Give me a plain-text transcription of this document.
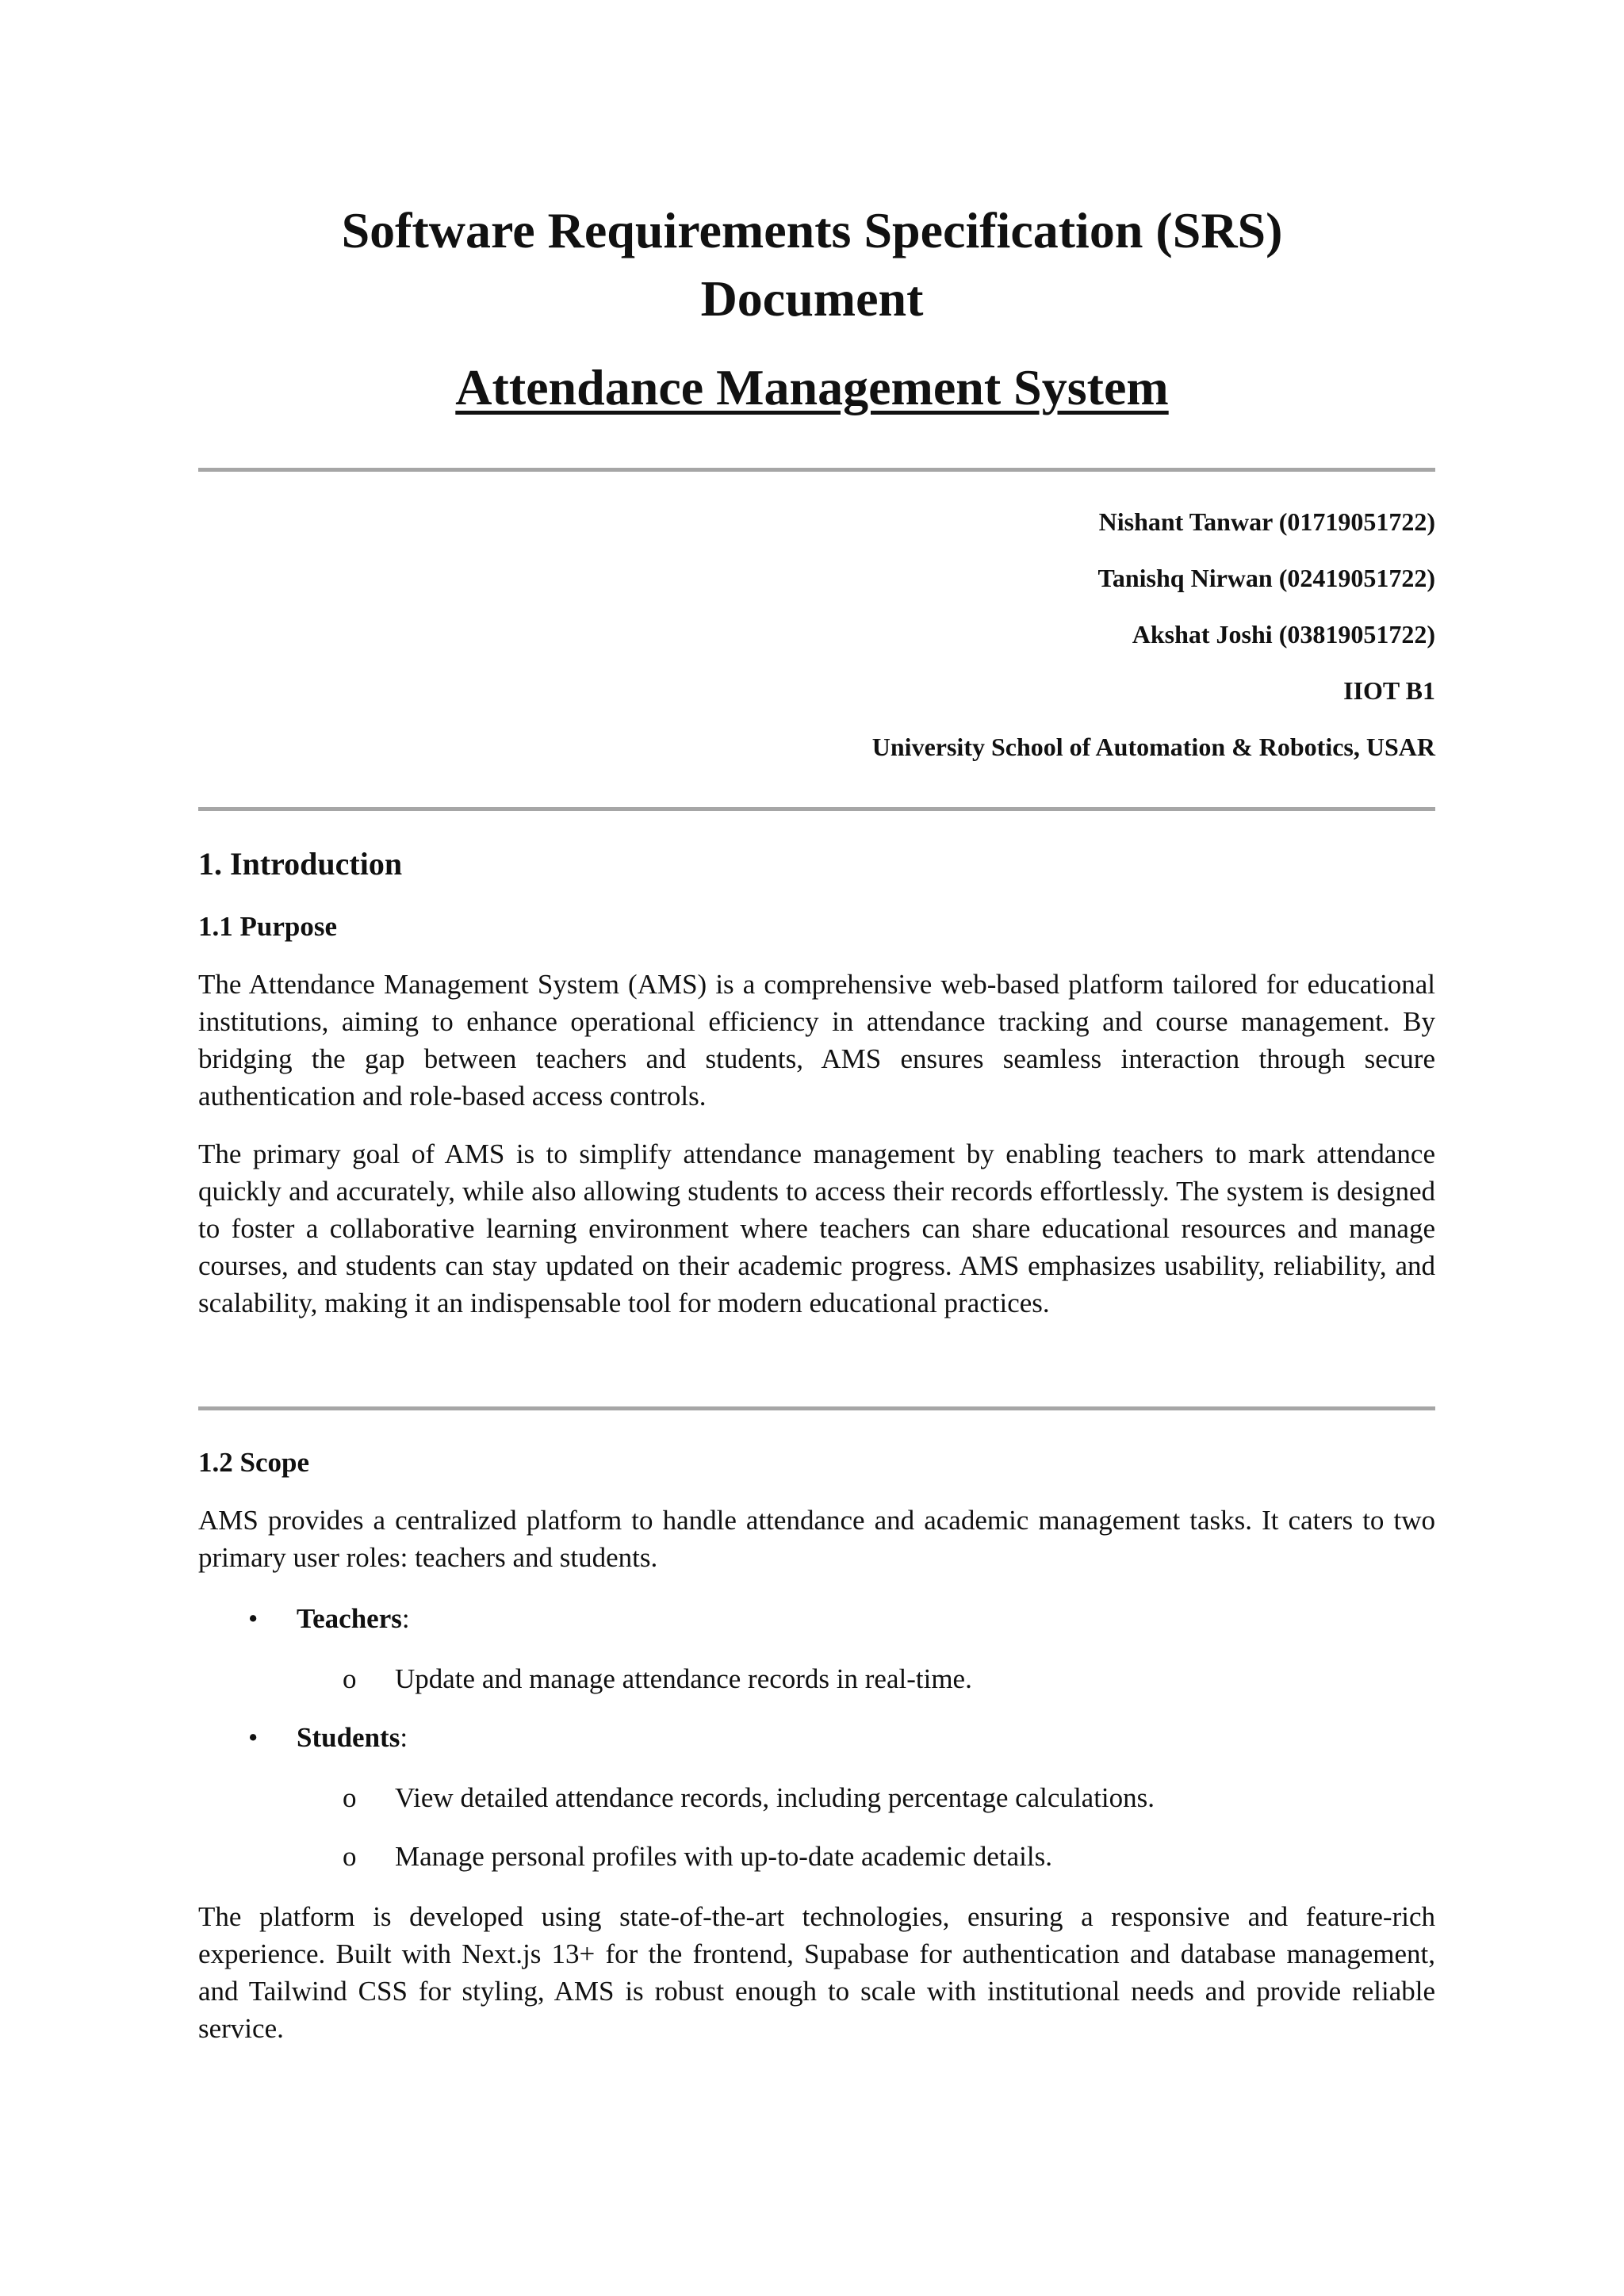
Software Requirements Specification (SRS)
Document
Attendance Management System
Nishant Tanwar (01719051722)
Tanishq Nirwan (02419051722)
Akshat Joshi (03819051722)
IIOT B1
University School of Automation & Robotics, USAR
1. Introduction
1.1 Purpose

The Attendance Management System (AMS) is a comprehensive web-based platform tailored for educational institutions, aiming to enhance operational efficiency in attendance tracking and course management. By bridging the gap between teachers and students, AMS ensures seamless interaction through secure authentication and role-based access controls.

The primary goal of AMS is to simplify attendance management by enabling teachers to mark attendance quickly and accurately, while also allowing students to access their records effortlessly. The system is designed to foster a collaborative learning environment where teachers can share educational resources and manage courses, and students can stay updated on their academic progress. AMS emphasizes usability, reliability, and scalability, making it an indispensable tool for modern educational practices.

1.2 Scope

AMS provides a centralized platform to handle attendance and academic management tasks. It caters to two primary user roles: teachers and students.

• Teachers:
o Update and manage attendance records in real-time.
• Students:
o View detailed attendance records, including percentage calculations.
o Manage personal profiles with up-to-date academic details.

The platform is developed using state-of-the-art technologies, ensuring a responsive and feature-rich experience. Built with Next.js 13+ for the frontend, Supabase for authentication and database management, and Tailwind CSS for styling, AMS is robust enough to scale with institutional needs and provide reliable service.
